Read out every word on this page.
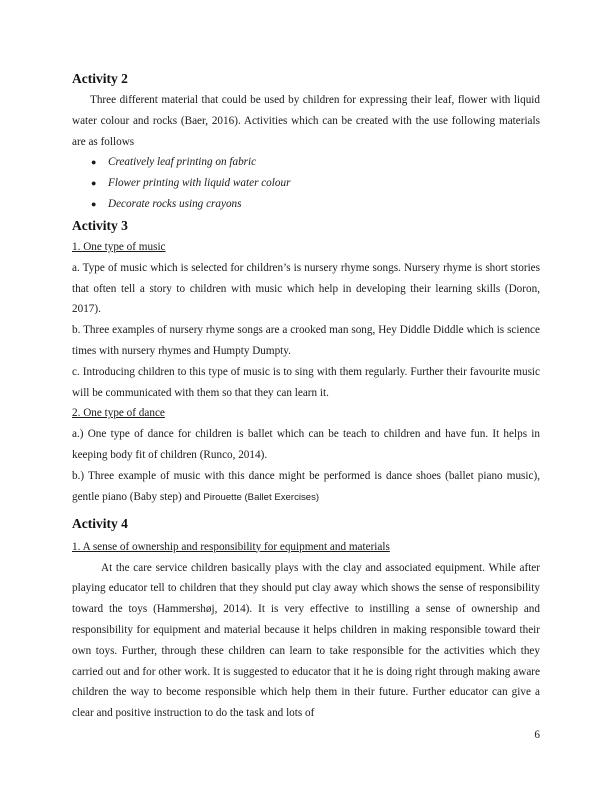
Activity 2

Three different material that could be used by children for expressing their leaf, flower with liquid water colour and rocks (Baer, 2016). Activities which can be created with the use following materials are as follows

● Creatively leaf printing on fabric
● Flower printing with liquid water colour
● Decorate rocks using crayons
Activity 3
1. One type of music

a. Type of music which is selected for children’s is nursery rhyme songs. Nursery rhyme is short stories that often tell a story to children with music which help in developing their learning skills (Doron, 2017).

b. Three examples of nursery rhyme songs are a crooked man song, Hey Diddle Diddle which is science times with nursery rhymes and Humpty Dumpty.

c. Introducing children to this type of music is to sing with them regularly. Further their favourite music will be communicated with them so that they can learn it.

2. One type of dance

a.) One type of dance for children is ballet which can be teach to children and have fun. It helps in keeping body fit of children (Runco, 2014).

b.) Three example of music with this dance might be performed is dance shoes (ballet piano music), gentle piano (Baby step) and Pirouette (Ballet Exercises)

Activity 4
1. A sense of ownership and responsibility for equipment and materials

At the care service children basically plays with the clay and associated equipment. While after playing educator tell to children that they should put clay away which shows the sense of responsibility toward the toys (Hammershøj, 2014). It is very effective to instilling a sense of ownership and responsibility for equipment and material because it helps children in making responsible toward their own toys. Further, through these children can learn to take responsible for the activities which they carried out and for other work. It is suggested to educator that it he is doing right through making aware children the way to become responsible which help them in their future. Further educator can give a clear and positive instruction to do the task and lots of

6
